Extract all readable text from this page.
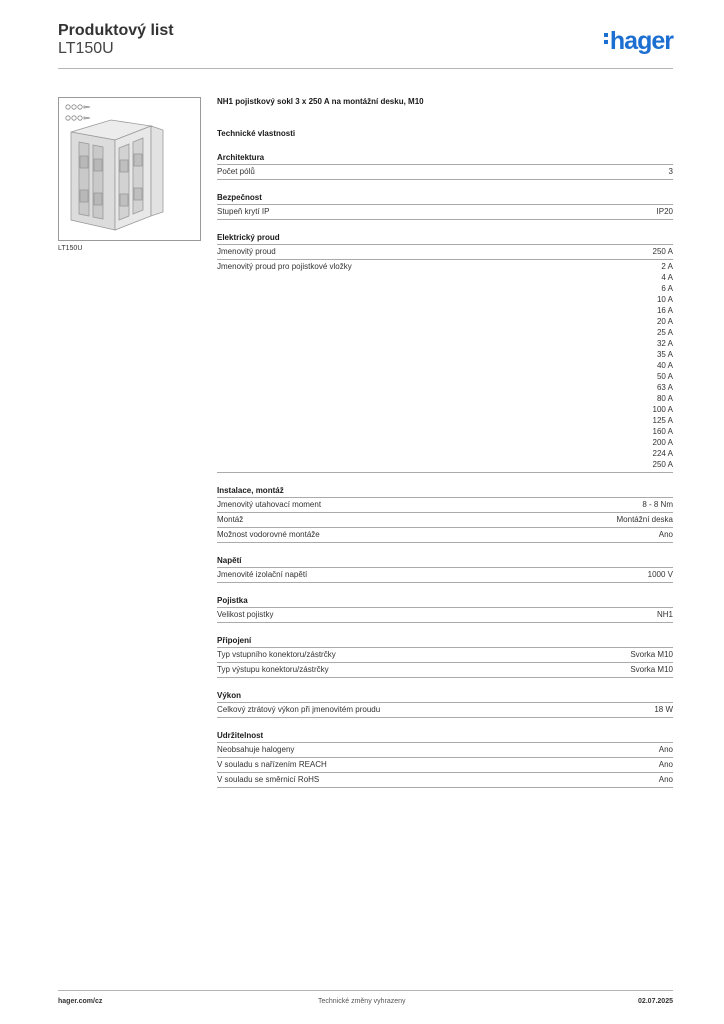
Produktový list
LT150U	hager
LT150U
NH1 pojistkový sokl 3 x 250 A na montážní desku, M10
Technické vlastnosti
Architektura
Počet pólů	3
Bezpečnost
Stupeň krytí IP	IP20
Elektrický proud
Jmenovitý proud	250 A
Jmenovitý proud pro pojistkové vložky	2 A
4 A
6 A
10 A
16 A
20 A
25 A
32 A
35 A
40 A
50 A
63 A
80 A
100 A
125 A
160 A
200 A
224 A
250 A
Instalace, montáž
Jmenovitý utahovací moment	8 - 8 Nm
Montáž	Montážní deska
Možnost vodorovné montáže	Ano
Napětí
Jmenovité izolační napětí	1000 V
Pojistka
Velikost pojistky	NH1
Připojení
Typ vstupního konektoru/zástrčky	Svorka M10
Typ výstupu konektoru/zástrčky	Svorka M10
Výkon
Celkový ztrátový výkon při jmenovitém proudu	18 W
Udržitelnost
Neobsahuje halogeny	Ano
V souladu s nařízením REACH	Ano
V souladu se směrnicí RoHS	Ano
hager.com/cz	Technické změny vyhrazeny	02.07.2025
